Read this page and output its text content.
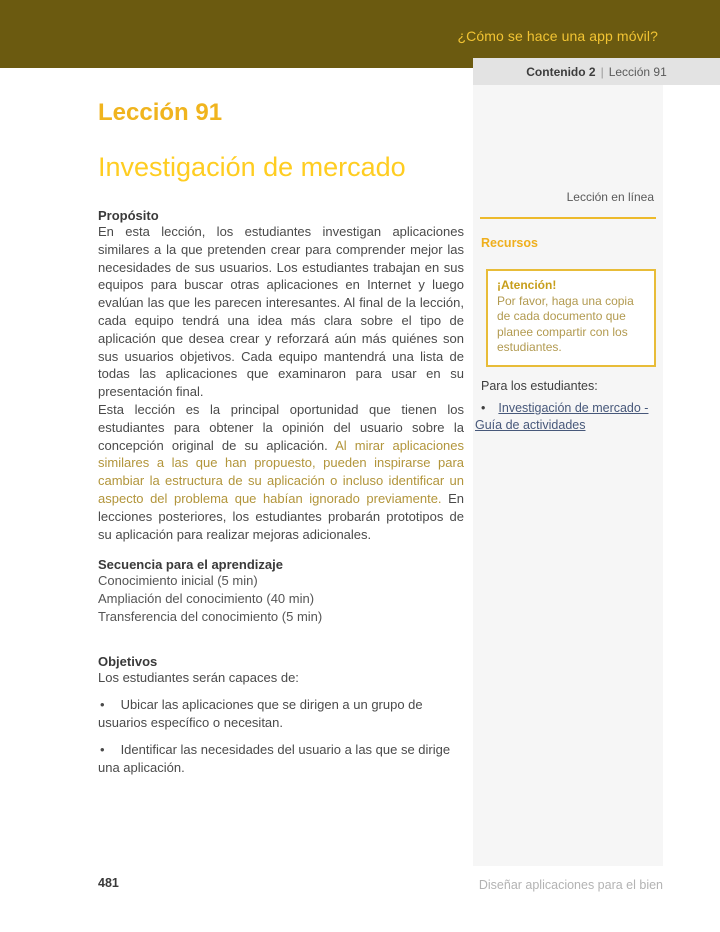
¿Cómo se hace una app móvil?
Contenido 2 | Lección 91
Lección en línea
Recursos
¡Atención!
Por favor, haga una copia de cada documento que planee compartir con los estudiantes.
Para los estudiantes:

• Investigación de mercado - Guía de actividades

Lección 91
Investigación de mercado
Propósito

En esta lección, los estudiantes investigan aplicaciones similares a la que pretenden crear para comprender mejor las necesidades de sus usuarios. Los estudiantes trabajan en sus equipos para buscar otras aplicaciones en Internet y luego evalúan las que les parecen interesantes. Al final de la lección, cada equipo tendrá una idea más clara sobre el tipo de aplicación que desea crear y reforzará aún más quiénes son sus usuarios objetivos. Cada equipo mantendrá una lista de todas las aplicaciones que examinaron para usar en su presentación final.

Esta lección es la principal oportunidad que tienen los estudiantes para obtener la opinión del usuario sobre la concepción original de su aplicación. Al mirar aplicaciones similares a las que han propuesto, pueden inspirarse para cambiar la estructura de su aplicación o incluso identificar un aspecto del problema que habían ignorado previamente. En lecciones posteriores, los estudiantes probarán prototipos de su aplicación para realizar mejoras adicionales.

Secuencia para el aprendizaje

Conocimiento inicial (5 min)

Ampliación del conocimiento (40 min)

Transferencia del conocimiento (5 min)

Objetivos

Los estudiantes serán capaces de:

• Ubicar las aplicaciones que se dirigen a un grupo de usuarios específico o necesitan.

• Identificar las necesidades del usuario a las que se dirige una aplicación.

481	Diseñar aplicaciones para el bien
